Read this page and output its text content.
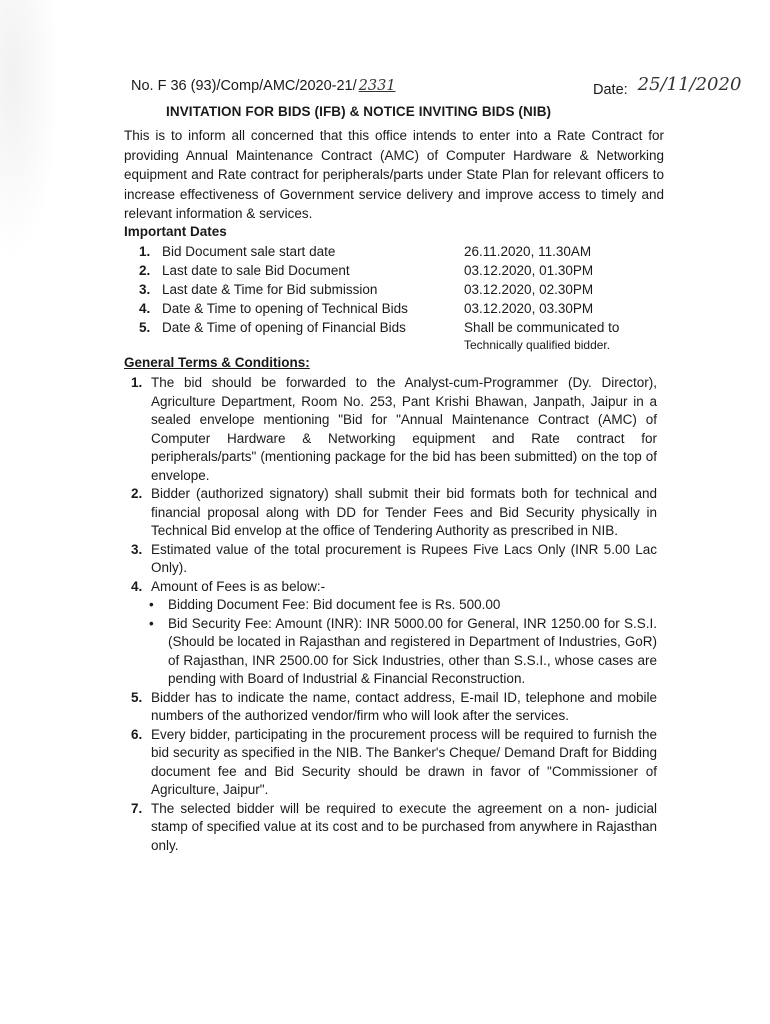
No. F 36 (93)/Comp/AMC/2020-21/ 2331	Date: 25/11/2020
INVITATION FOR BIDS (IFB) & NOTICE INVITING BIDS (NIB)
This is to inform all concerned that this office intends to enter into a Rate Contract for providing Annual Maintenance Contract (AMC) of Computer Hardware & Networking equipment and Rate contract for peripherals/parts under State Plan for relevant officers to increase effectiveness of Government service delivery and improve access to timely and relevant information & services.
Important Dates
1. Bid Document sale start date	26.11.2020, 11.30AM
2. Last date to sale Bid Document	03.12.2020, 01.30PM
3. Last date & Time for Bid submission	03.12.2020, 02.30PM
4. Date & Time to opening of Technical Bids	03.12.2020, 03.30PM
5. Date & Time of opening of Financial Bids	Shall be communicated to
Technically qualified bidder.
General Terms & Conditions:
1. The bid should be forwarded to the Analyst-cum-Programmer (Dy. Director), Agriculture Department, Room No. 253, Pant Krishi Bhawan, Janpath, Jaipur in a sealed envelope mentioning "Bid for "Annual Maintenance Contract (AMC) of Computer Hardware & Networking equipment and Rate contract for peripherals/parts" (mentioning package for the bid has been submitted) on the top of envelope.
2. Bidder (authorized signatory) shall submit their bid formats both for technical and financial proposal along with DD for Tender Fees and Bid Security physically in Technical Bid envelop at the office of Tendering Authority as prescribed in NIB.
3. Estimated value of the total procurement is Rupees Five Lacs Only (INR 5.00 Lac Only).
4. Amount of Fees is as below:-
• Bidding Document Fee: Bid document fee is Rs. 500.00
• Bid Security Fee: Amount (INR): INR 5000.00 for General, INR 1250.00 for S.S.I. (Should be located in Rajasthan and registered in Department of Industries, GoR) of Rajasthan, INR 2500.00 for Sick Industries, other than S.S.I., whose cases are pending with Board of Industrial & Financial Reconstruction.
5. Bidder has to indicate the name, contact address, E-mail ID, telephone and mobile numbers of the authorized vendor/firm who will look after the services.
6. Every bidder, participating in the procurement process will be required to furnish the bid security as specified in the NIB. The Banker's Cheque/ Demand Draft for Bidding document fee and Bid Security should be drawn in favor of "Commissioner of Agriculture, Jaipur".
7. The selected bidder will be required to execute the agreement on a non- judicial stamp of specified value at its cost and to be purchased from anywhere in Rajasthan only.
